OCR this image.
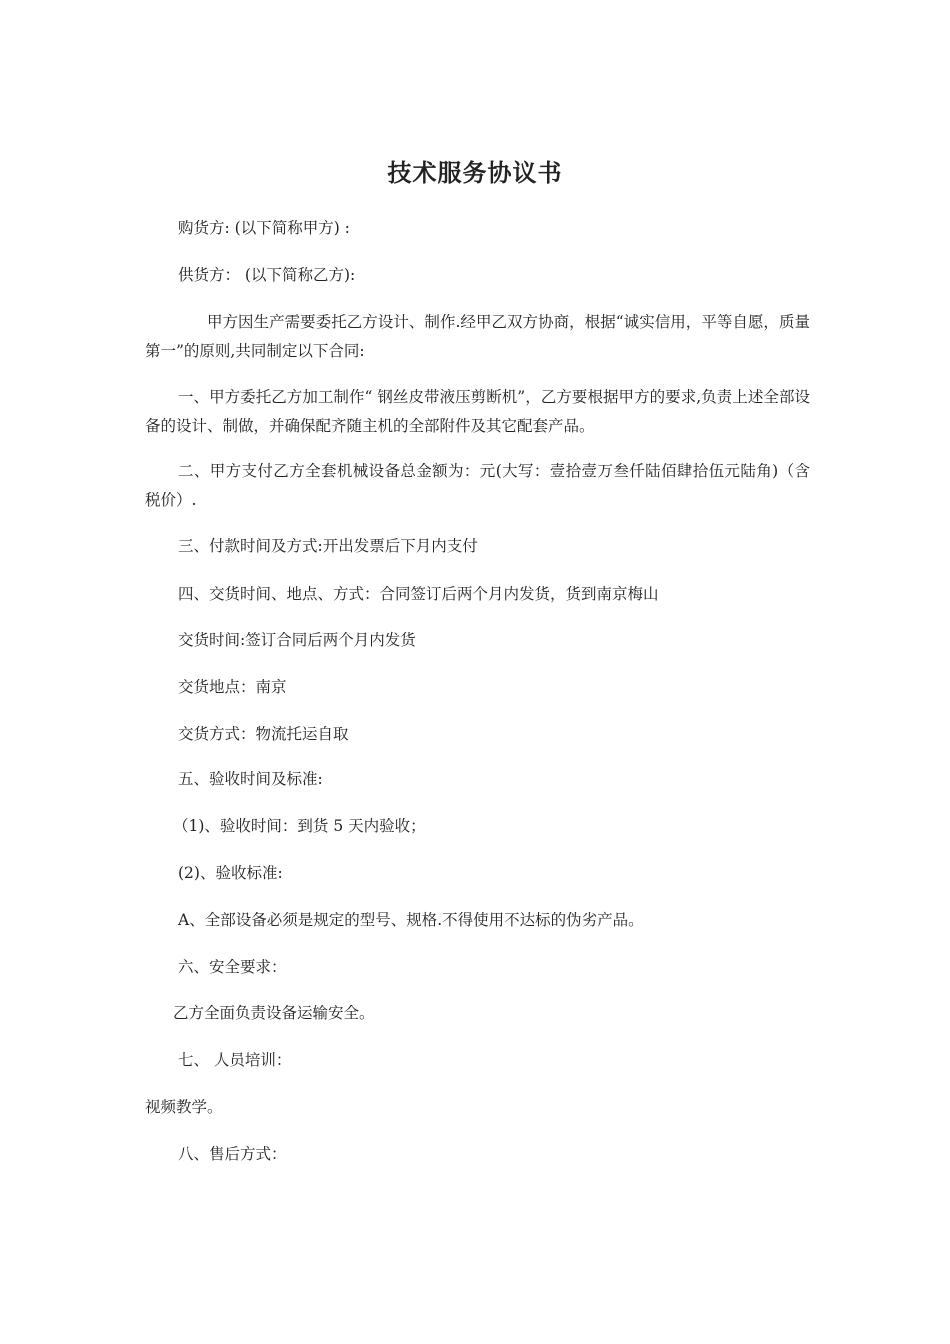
技术服务协议书
购货方: (以下简称甲方) :
供货方： (以下简称乙方):
甲方因生产需要委托乙方设计、制作.经甲乙双方协商，根据“诚实信用，平等自愿，质量第一”的原则,共同制定以下合同:
一、甲方委托乙方加工制作“ 钢丝皮带液压剪断机”，乙方要根据甲方的要求,负责上述全部设备的设计、制做，并确保配齐随主机的全部附件及其它配套产品。
二、甲方支付乙方全套机械设备总金额为：元(大写：壹拾壹万叁仟陆佰肆拾伍元陆角)（含税价）.
三、付款时间及方式:开出发票后下月内支付
四、交货时间、地点、方式：合同签订后两个月内发货，货到南京梅山
交货时间:签订合同后两个月内发货
交货地点：南京
交货方式：物流托运自取
五、验收时间及标准:
（1)、验收时间：到货 5 天内验收；
(2)、验收标准:
A、全部设备必须是规定的型号、规格.不得使用不达标的伪劣产品。
六、安全要求：
乙方全面负责设备运输安全。
七、 人员培训：
视频教学。
八、售后方式：
